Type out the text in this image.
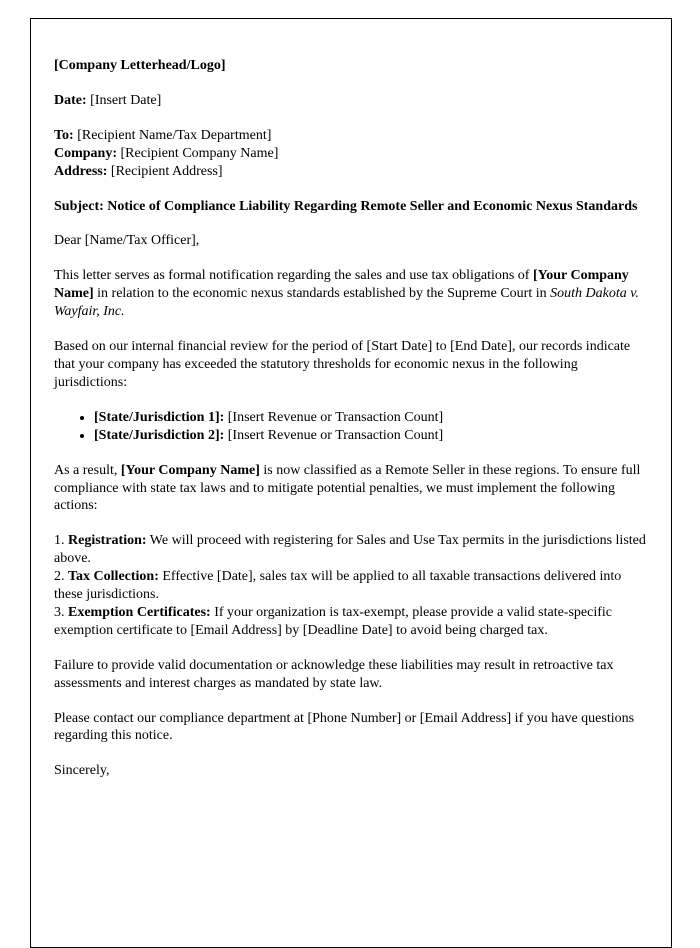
[Company Letterhead/Logo]

Date: [Insert Date]

To: [Recipient Name/Tax Department]
Company: [Recipient Company Name]
Address: [Recipient Address]

Subject: Notice of Compliance Liability Regarding Remote Seller and Economic Nexus Standards

Dear [Name/Tax Officer],

This letter serves as formal notification regarding the sales and use tax obligations of [Your Company Name] in relation to the economic nexus standards established by the Supreme Court in South Dakota v. Wayfair, Inc.

Based on our internal financial review for the period of [Start Date] to [End Date], our records indicate that your company has exceeded the statutory thresholds for economic nexus in the following jurisdictions:

• [State/Jurisdiction 1]: [Insert Revenue or Transaction Count]
• [State/Jurisdiction 2]: [Insert Revenue or Transaction Count]

As a result, [Your Company Name] is now classified as a Remote Seller in these regions. To ensure full compliance with state tax laws and to mitigate potential penalties, we must implement the following actions:

1. Registration: We will proceed with registering for Sales and Use Tax permits in the jurisdictions listed above.
2. Tax Collection: Effective [Date], sales tax will be applied to all taxable transactions delivered into these jurisdictions.
3. Exemption Certificates: If your organization is tax-exempt, please provide a valid state-specific exemption certificate to [Email Address] by [Deadline Date] to avoid being charged tax.

Failure to provide valid documentation or acknowledge these liabilities may result in retroactive tax assessments and interest charges as mandated by state law.

Please contact our compliance department at [Phone Number] or [Email Address] if you have questions regarding this notice.

Sincerely,
